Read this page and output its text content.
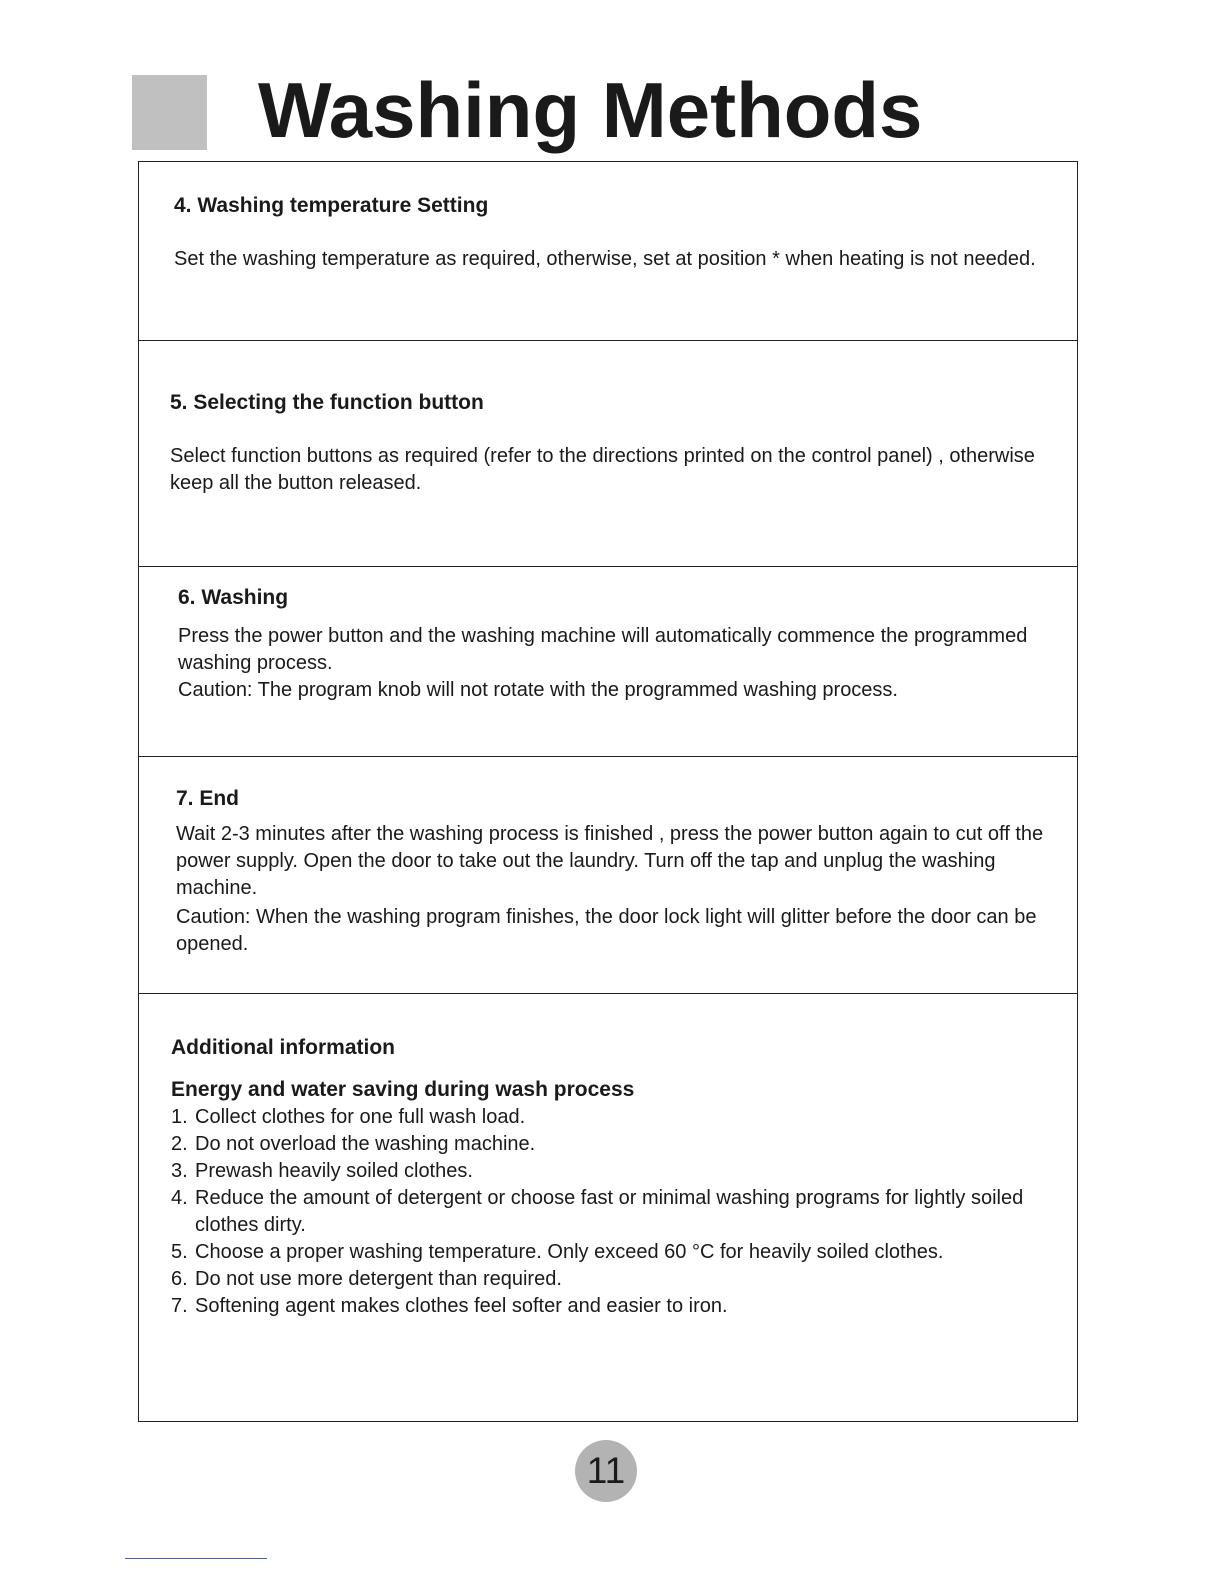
Washing Methods
4. Washing temperature Setting

Set the washing temperature as required, otherwise, set at position * when heating is not needed.

5. Selecting the function button

Select function buttons as required (refer to the directions printed on the control panel) , otherwise keep all the button released.

6. Washing

Press the power button and the washing machine will automatically commence the programmed washing process.

Caution: The program knob will not rotate with the programmed washing process.

7. End

Wait 2-3 minutes after the washing process is finished , press the power button again to cut off the power supply. Open the door to take out the laundry. Turn off the tap and unplug the washing machine.

Caution: When the washing program finishes, the door lock light will glitter before the door can be opened.

Additional information
Energy and water saving during wash process
1. Collect clothes for one full wash load.
2. Do not overload the washing machine.
3. Prewash heavily soiled clothes.
4. Reduce the amount of detergent or choose fast or minimal washing programs for lightly soiled clothes dirty.
5. Choose a proper washing temperature. Only exceed 60 °C for heavily soiled clothes.
6. Do not use more detergent than required.
7. Softening agent makes clothes feel softer and easier to iron.
11
